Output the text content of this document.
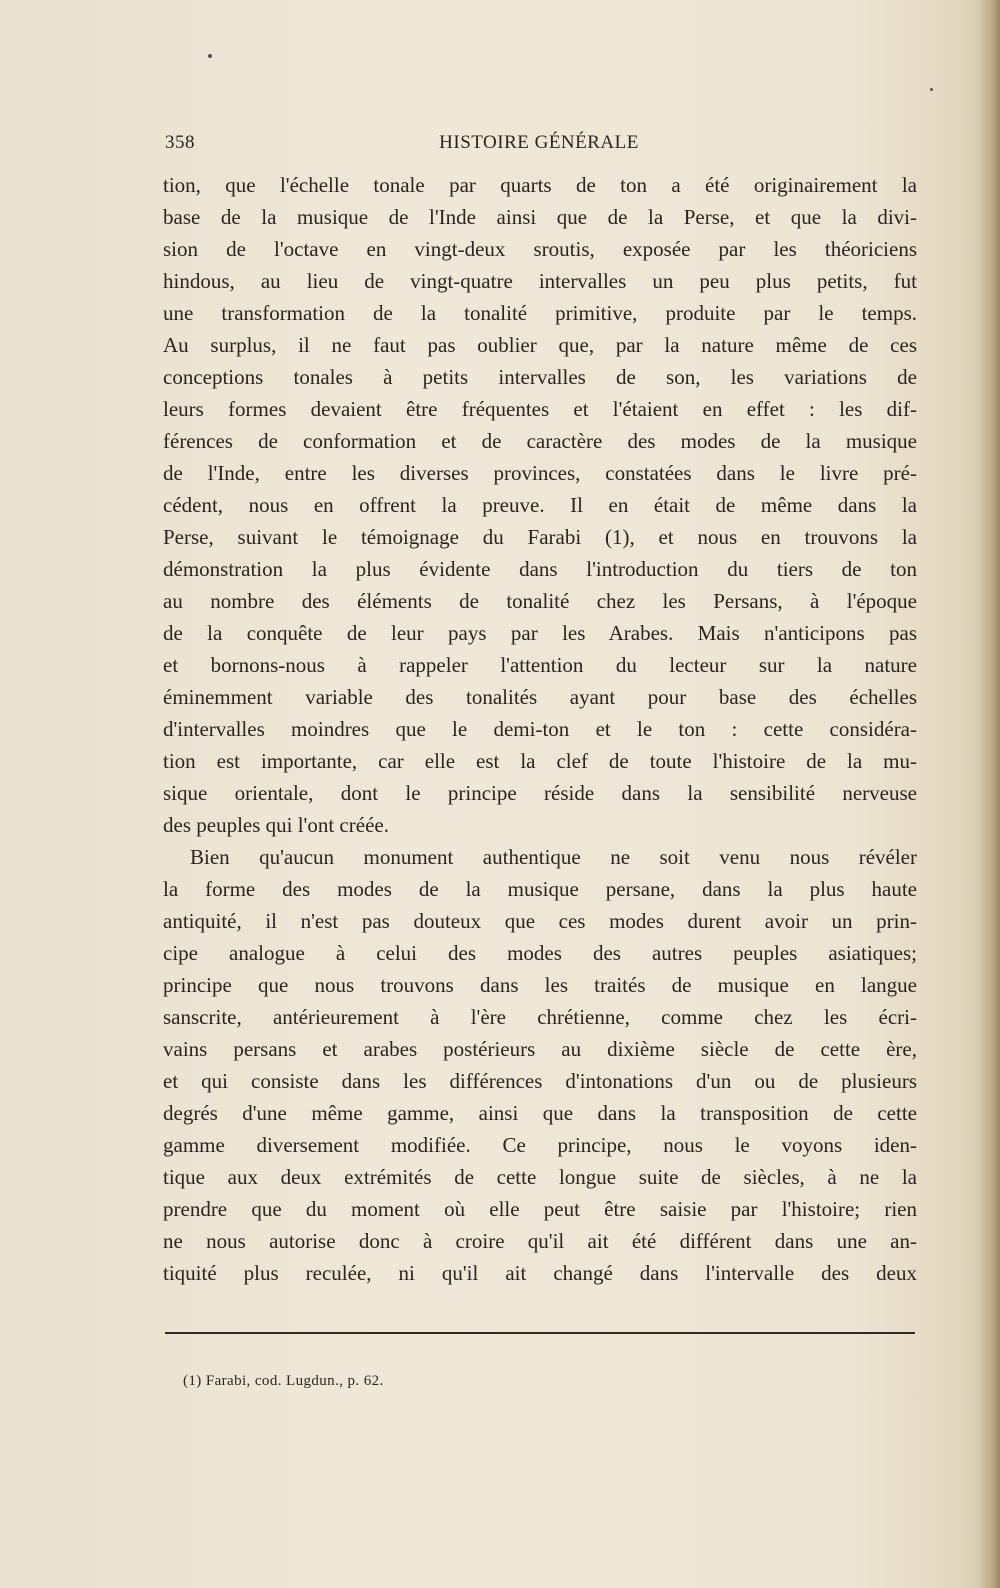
358	HISTOIRE GÉNÉRALE
tion, que l'échelle tonale par quarts de ton a été originairement la
base de la musique de l'Inde ainsi que de la Perse, et que la divi-
sion de l'octave en vingt-deux sroutis, exposée par les théoriciens
hindous, au lieu de vingt-quatre intervalles un peu plus petits, fut
une transformation de la tonalité primitive, produite par le temps.
Au surplus, il ne faut pas oublier que, par la nature même de ces
conceptions tonales à petits intervalles de son, les variations de
leurs formes devaient être fréquentes et l'étaient en effet : les dif-
férences de conformation et de caractère des modes de la musique
de l'Inde, entre les diverses provinces, constatées dans le livre pré-
cédent, nous en offrent la preuve. Il en était de même dans la
Perse, suivant le témoignage du Farabi (1), et nous en trouvons la
démonstration la plus évidente dans l'introduction du tiers de ton
au nombre des éléments de tonalité chez les Persans, à l'époque
de la conquête de leur pays par les Arabes. Mais n'anticipons pas
et bornons-nous à rappeler l'attention du lecteur sur la nature
éminemment variable des tonalités ayant pour base des échelles
d'intervalles moindres que le demi-ton et le ton : cette considéra-
tion est importante, car elle est la clef de toute l'histoire de la mu-
sique orientale, dont le principe réside dans la sensibilité nerveuse
des peuples qui l'ont créée.
Bien qu'aucun monument authentique ne soit venu nous révéler
la forme des modes de la musique persane, dans la plus haute
antiquité, il n'est pas douteux que ces modes durent avoir un prin-
cipe analogue à celui des modes des autres peuples asiatiques;
principe que nous trouvons dans les traités de musique en langue
sanscrite, antérieurement à l'ère chrétienne, comme chez les écri-
vains persans et arabes postérieurs au dixième siècle de cette ère,
et qui consiste dans les différences d'intonations d'un ou de plusieurs
degrés d'une même gamme, ainsi que dans la transposition de cette
gamme diversement modifiée. Ce principe, nous le voyons iden-
tique aux deux extrémités de cette longue suite de siècles, à ne la
prendre que du moment où elle peut être saisie par l'histoire; rien
ne nous autorise donc à croire qu'il ait été différent dans une an-
tiquité plus reculée, ni qu'il ait changé dans l'intervalle des deux
(1) Farabi, cod. Lugdun., p. 62.
